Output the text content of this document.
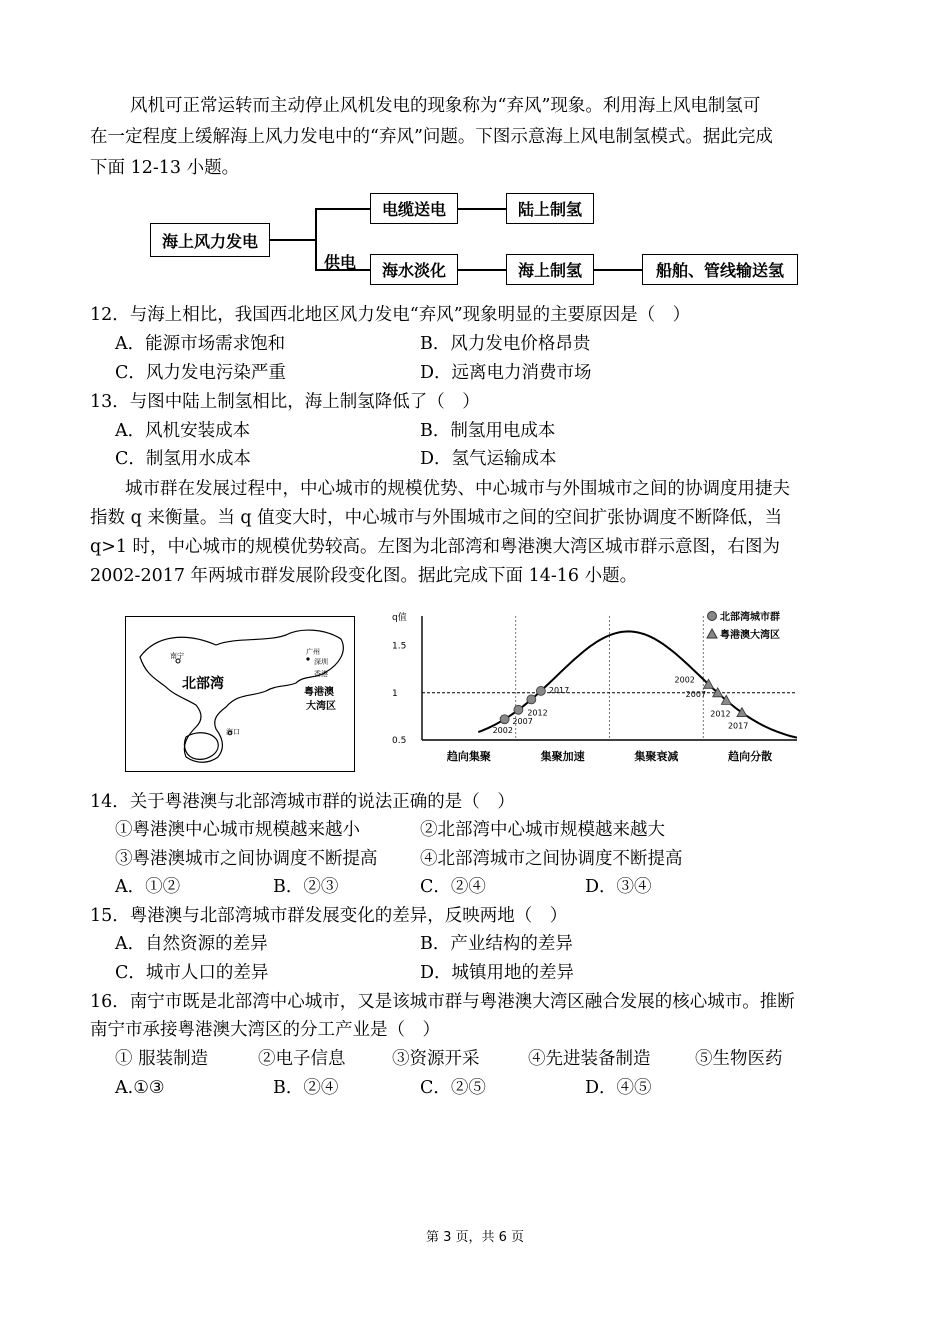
风机可正常运转而主动停止风机发电的现象称为“弃风”现象。利用海上风电制氢可
在一定程度上缓解海上风力发电中的“弃风”问题。下图示意海上风电制氢模式。据此完成
下面 12-13 小题。
海上风力发电
供电
电缆送电	陆上制氢
海水淡化	海上制氢	船舶、管线输送氢
12．与海上相比，我国西北地区风力发电“弃风”现象明显的主要原因是（　）
A．能源市场需求饱和	B．风力发电价格昂贵
C．风力发电污染严重	D．远离电力消费市场
13．与图中陆上制氢相比，海上制氢降低了（　）
A．风机安装成本	B．制氢用电成本
C．制氢用水成本	D．氢气运输成本
城市群在发展过程中，中心城市的规模优势、中心城市与外围城市之间的协调度用捷夫
指数 q 来衡量。当 q 值变大时，中心城市与外围城市之间的空间扩张协调度不断降低，当
q>1 时，中心城市的规模优势较高。左图为北部湾和粤港澳大湾区城市群示意图，右图为
2002-2017 年两城市群发展阶段变化图。据此完成下面 14-16 小题。
南宁
北部湾
广州
深圳
香港
粤港澳
大湾区
海口
q值
1.5
1
0.5
趋向集聚	集聚加速	集聚衰减	趋向分散
2002
2007
2012
2017
2002
2007
2012
2017
北部湾城市群
粤港澳大湾区
14．关于粤港澳与北部湾城市群的说法正确的是（　）
①粤港澳中心城市规模越来越小	②北部湾中心城市规模越来越大
③粤港澳城市之间协调度不断提高 ④北部湾城市之间协调度不断提高
A．①②	B．②③	C．②④	D．③④
15．粤港澳与北部湾城市群发展变化的差异，反映两地（　）
A．自然资源的差异	B．产业结构的差异
C．城市人口的差异	D．城镇用地的差异
16．南宁市既是北部湾中心城市，又是该城市群与粤港澳大湾区融合发展的核心城市。推断
南宁市承接粤港澳大湾区的分工产业是（　）
① 服装制造	②电子信息	③资源开采	④先进装备制造	⑤生物医药
A.①③	B．②④	C．②⑤	D．④⑤
第 3 页，共 6 页
